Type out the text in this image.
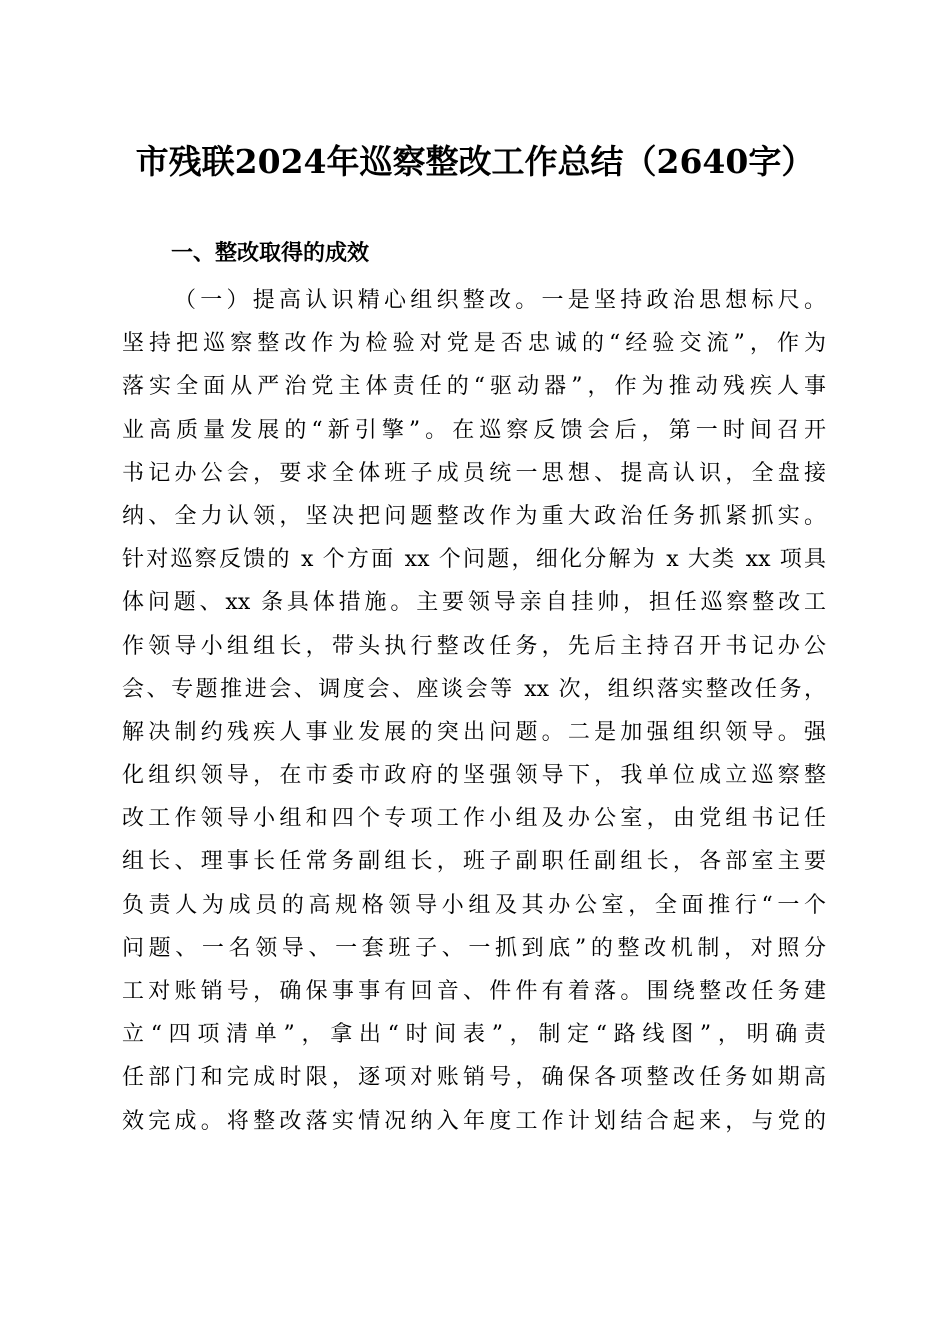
市残联2024年巡察整改工作总结（2640字）
一、整改取得的成效
（一）提高认识精心组织整改。一是坚持政治思想标尺。
坚持把巡察整改作为检验对党是否忠诚的“经验交流”，作为
落实全面从严治党主体责任的“驱动器”，作为推动残疾人事
业高质量发展的“新引擎”。在巡察反馈会后，第一时间召开
书记办公会，要求全体班子成员统一思想、提高认识，全盘接
纳、全力认领，坚决把问题整改作为重大政治任务抓紧抓实。
针对巡察反馈的 x 个方面 xx 个问题，细化分解为 x 大类 xx 项具
体问题、xx 条具体措施。主要领导亲自挂帅，担任巡察整改工
作领导小组组长，带头执行整改任务，先后主持召开书记办公
会、专题推进会、调度会、座谈会等 xx 次，组织落实整改任务，
解决制约残疾人事业发展的突出问题。二是加强组织领导。强
化组织领导，在市委市政府的坚强领导下，我单位成立巡察整
改工作领导小组和四个专项工作小组及办公室，由党组书记任
组长、理事长任常务副组长，班子副职任副组长，各部室主要
负责人为成员的高规格领导小组及其办公室，全面推行“一个
问题、一名领导、一套班子、一抓到底”的整改机制，对照分
工对账销号，确保事事有回音、件件有着落。围绕整改任务建
立“四项清单”，拿出“时间表”，制定“路线图”，明确责
任部门和完成时限，逐项对账销号，确保各项整改任务如期高
效完成。将整改落实情况纳入年度工作计划结合起来，与党的
